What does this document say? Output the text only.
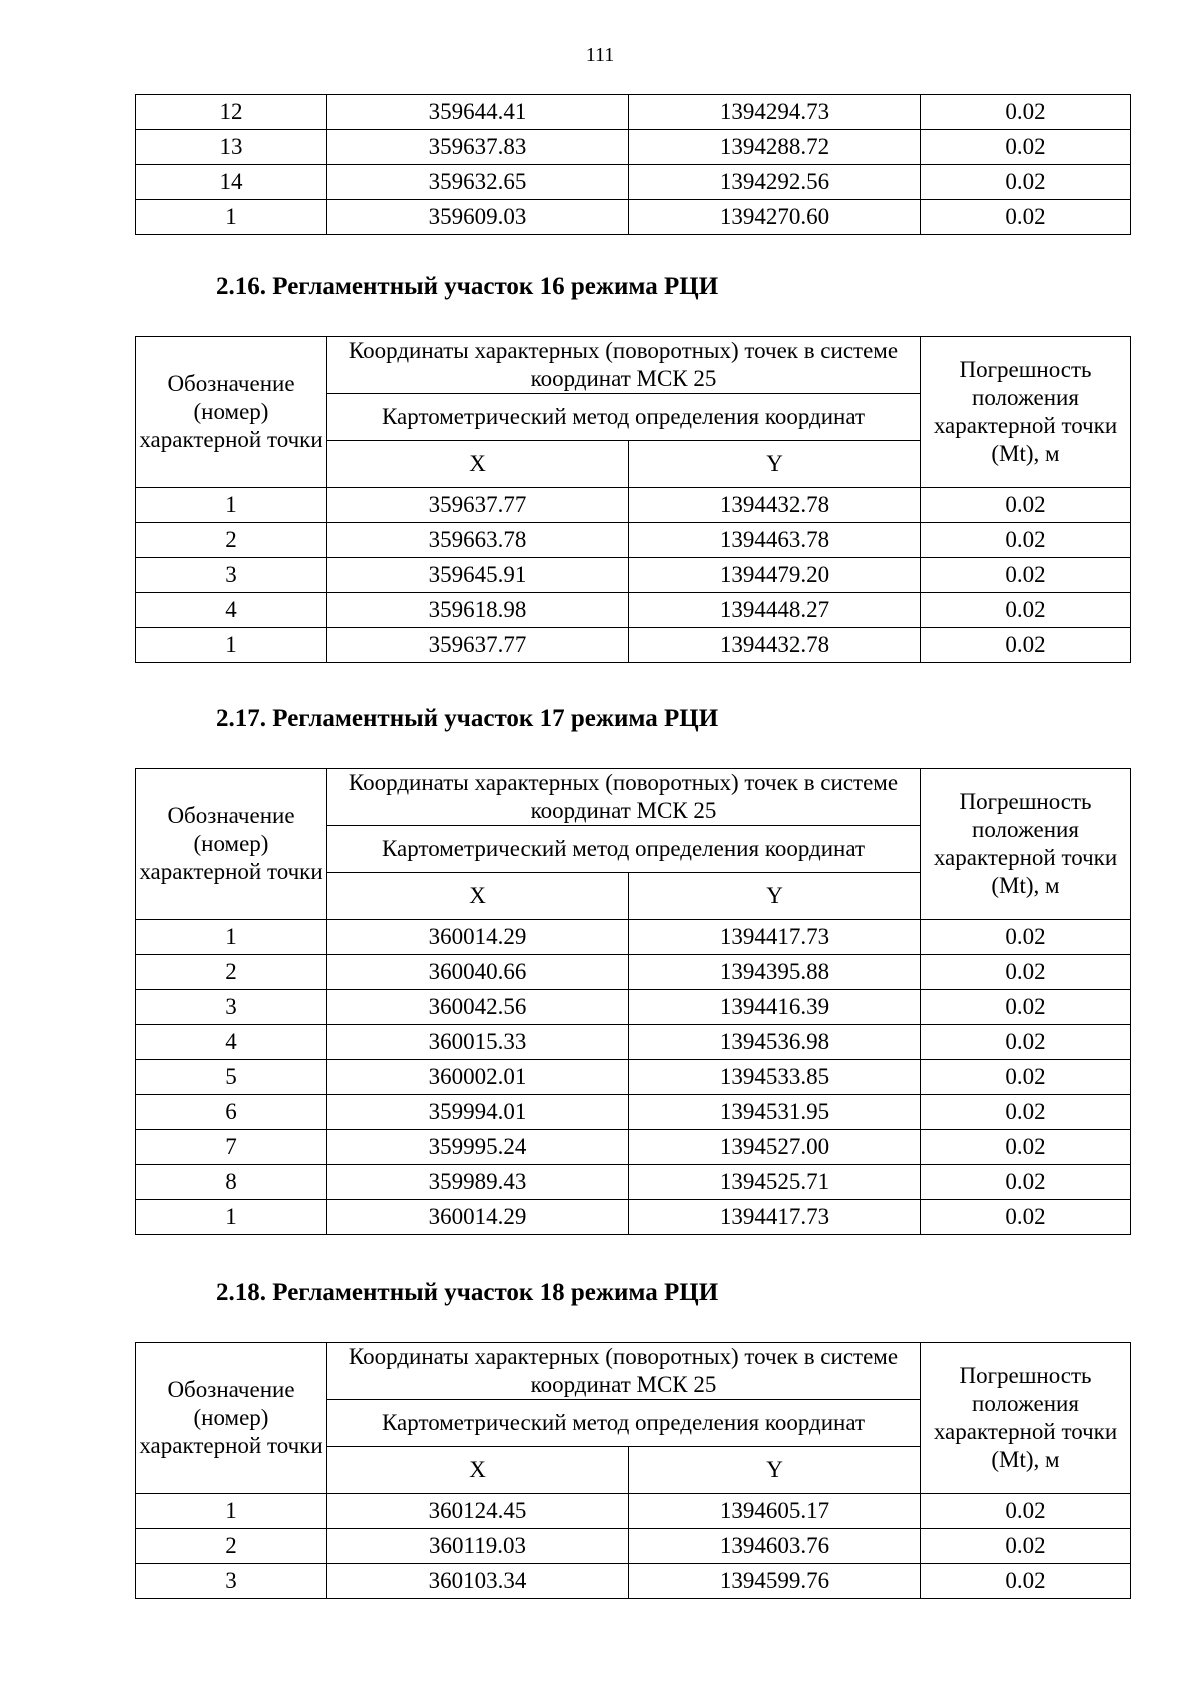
111
12	359644.41	1394294.73	0.02
13	359637.83	1394288.72	0.02
14	359632.65	1394292.56	0.02
1	359609.03	1394270.60	0.02
2.16. Регламентный участок 16 режима РЦИ
Обозначение (номер) характерной точки	Координаты характерных (поворотных) точек в системе координат МСК 25		Погрешность положения характерной точки (Mt), м
	Картометрический метод определения координат		
	X	Y	
1	359637.77	1394432.78	0.02
2	359663.78	1394463.78	0.02
3	359645.91	1394479.20	0.02
4	359618.98	1394448.27	0.02
1	359637.77	1394432.78	0.02
2.17. Регламентный участок 17 режима РЦИ
Обозначение (номер) характерной точки	Координаты характерных (поворотных) точек в системе координат МСК 25		Погрешность положения характерной точки (Mt), м
	Картометрический метод определения координат		
	X	Y	
1	360014.29	1394417.73	0.02
2	360040.66	1394395.88	0.02
3	360042.56	1394416.39	0.02
4	360015.33	1394536.98	0.02
5	360002.01	1394533.85	0.02
6	359994.01	1394531.95	0.02
7	359995.24	1394527.00	0.02
8	359989.43	1394525.71	0.02
1	360014.29	1394417.73	0.02
2.18. Регламентный участок 18 режима РЦИ
Обозначение (номер) характерной точки	Координаты характерных (поворотных) точек в системе координат МСК 25		Погрешность положения характерной точки (Mt), м
	Картометрический метод определения координат		
	X	Y	
1	360124.45	1394605.17	0.02
2	360119.03	1394603.76	0.02
3	360103.34	1394599.76	0.02
